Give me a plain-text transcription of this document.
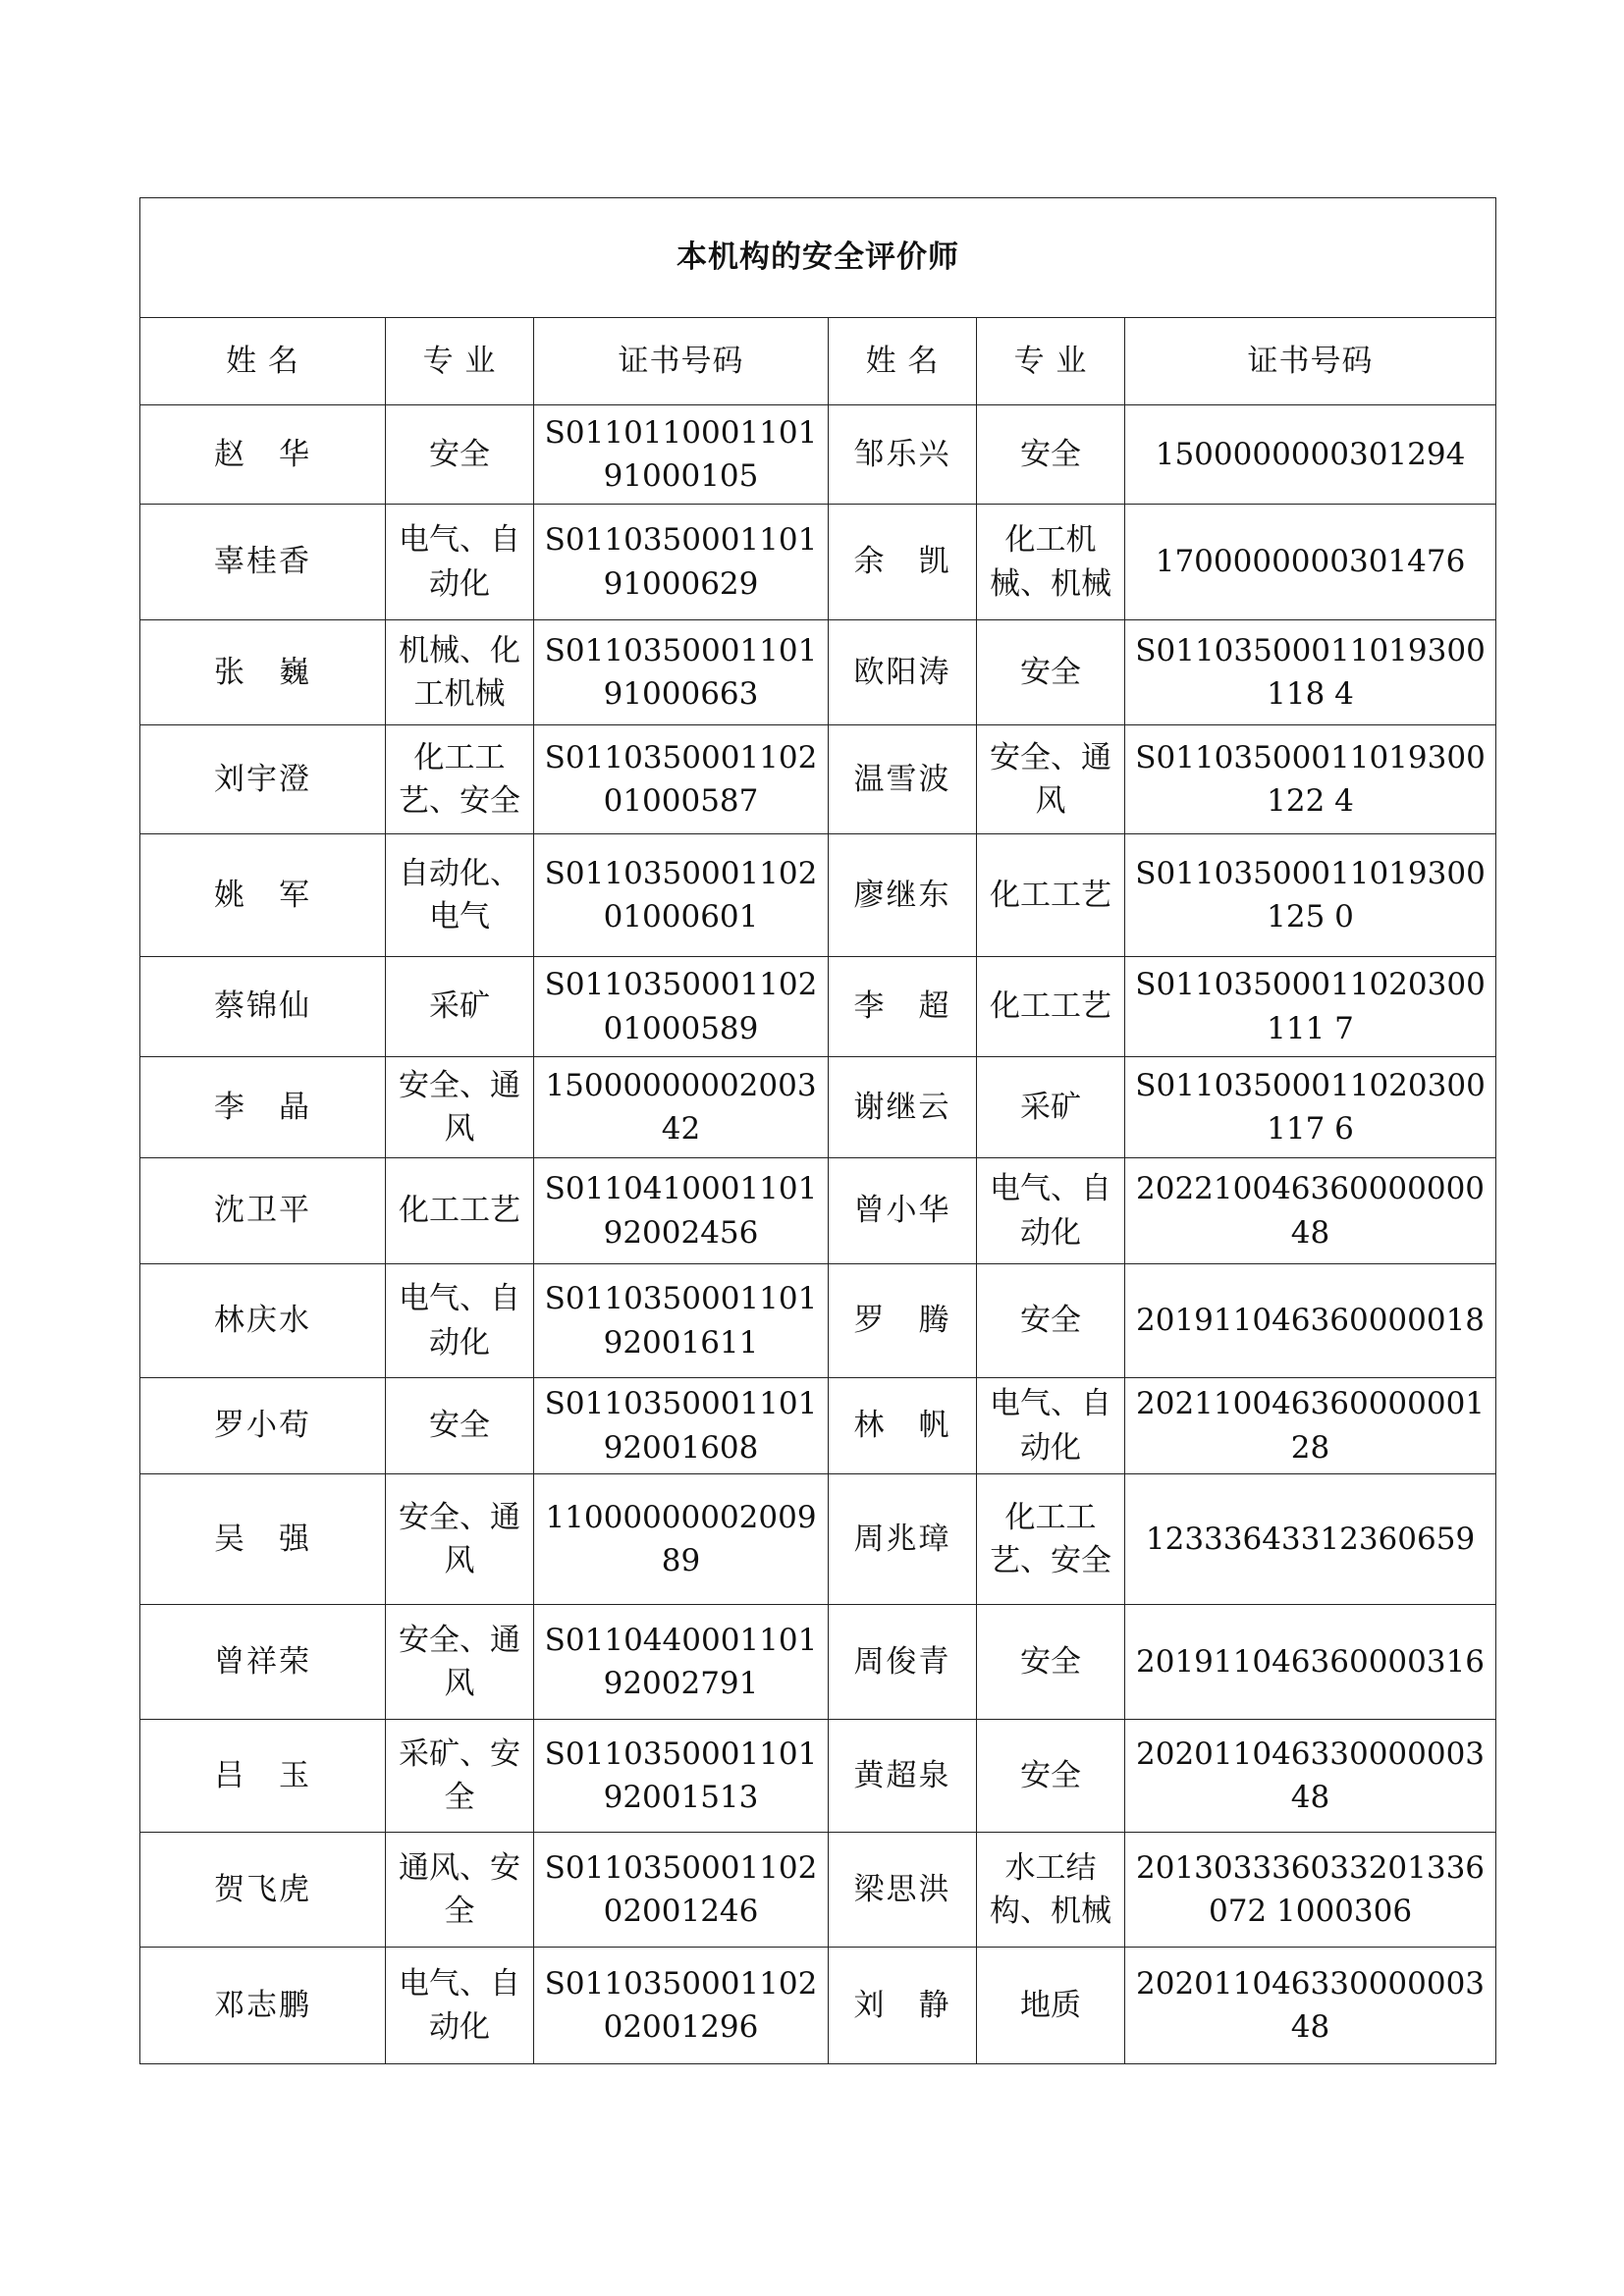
本机构的安全评价师					
姓 名	专 业	证书号码	姓 名	专 业	证书号码
赵　华	安全	S011011000110191000105	邹乐兴	安全	1500000000301294
辜桂香	电气、自动化	S011035000110191000629	余　凯	化工机械、机械	1700000000301476
张　巍	机械、化工机械	S011035000110191000663	欧阳涛	安全	S01103500011019300118 4
刘宇澄	化工工艺、安全	S011035000110201000587	温雪波	安全、通风	S01103500011019300122 4
姚　军	自动化、电气	S011035000110201000601	廖继东	化工工艺	S01103500011019300125 0
蔡锦仙	采矿	S011035000110201000589	李　超	化工工艺	S01103500011020300111 7
李　晶	安全、通风	1500000000200342	谢继云	采矿	S01103500011020300117 6
沈卫平	化工工艺	S011041000110192002456	曾小华	电气、自动化	20221004636000000048
林庆水	电气、自动化	S011035000110192001611	罗　腾	安全	201911046360000018
罗小苟	安全	S011035000110192001608	林　帆	电气、自动化	20211004636000000128
吴　强	安全、通风	1100000000200989	周兆璋	化工工艺、安全	12333643312360659
曾祥荣	安全、通风	S011044000110192002791	周俊青	安全	201911046360000316
吕　玉	采矿、安全	S011035000110192001513	黄超泉	安全	20201104633000000348
贺飞虎	通风、安全	S011035000110202001246	梁思洪	水工结构、机械	201303336033201336072 1000306
邓志鹏	电气、自动化	S011035000110202001296	刘　静	地质	20201104633000000348
